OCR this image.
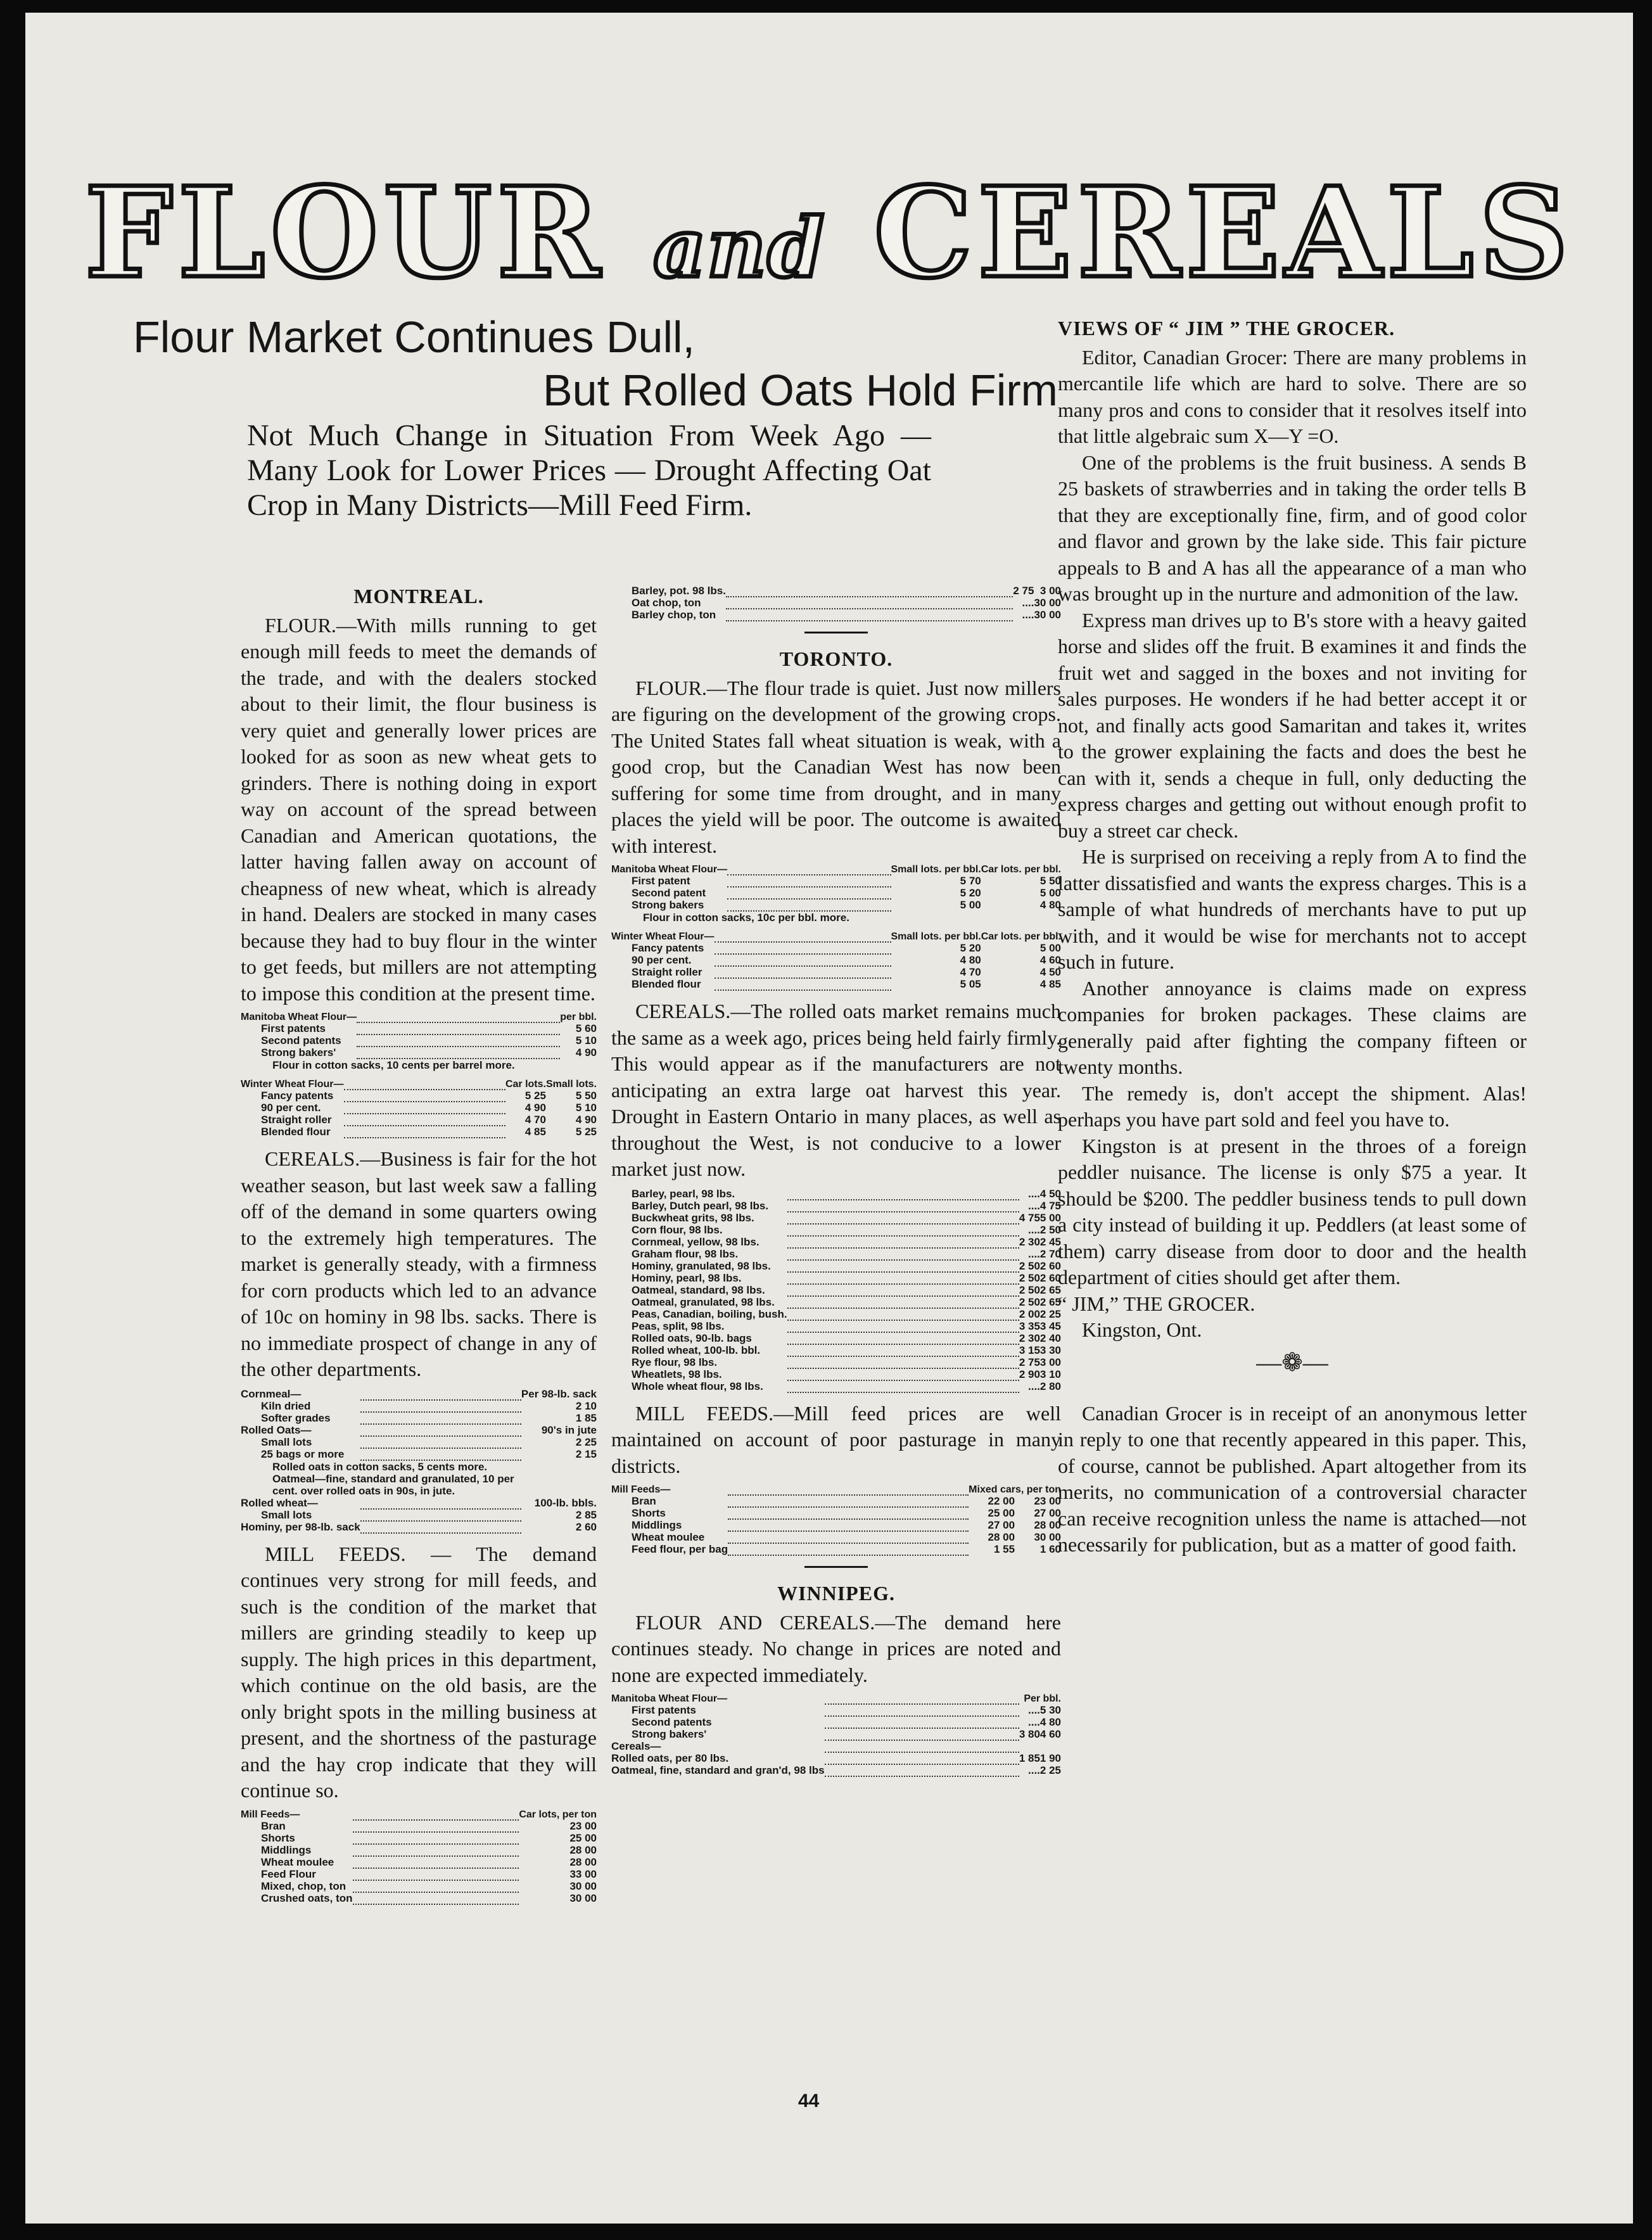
FLOUR and CEREALS
Flour Market Continues Dull,
But Rolled Oats Hold Firm
Not Much Change in Situation From Week Ago —Many Look for Lower Prices — Drought Affecting Oat Crop in Many Districts—Mill Feed Firm.
MONTREAL.

FLOUR.—With mills running to get enough mill feeds to meet the demands of the trade, and with the dealers stocked about to their limit, the flour business is very quiet and generally lower prices are looked for as soon as new wheat gets to grinders. There is nothing doing in export way on account of the spread between Canadian and American quotations, the latter having fallen away on account of cheapness of new wheat, which is already in hand. Dealers are stocked in many cases because they had to buy flour in the winter to get feeds, but millers are not attempting to impose this condition at the present time.

Manitoba Wheat Flour—		per bbl.
First patents		5 60
Second patents		5 10
Strong bakers'		4 90
Flour in cotton sacks, 10 cents per barrel more.		
Winter Wheat Flour—		Car lots.	Small lots.
Fancy patents		5 25	5 50
90 per cent.		4 90	5 10
Straight roller		4 70	4 90
Blended flour		4 85	5 25

CEREALS.—Business is fair for the hot weather season, but last week saw a falling off of the demand in some quarters owing to the extremely high temperatures. The market is generally steady, with a firmness for corn products which led to an advance of 10c on hominy in 98 lbs. sacks. There is no immediate prospect of change in any of the other departments.

Cornmeal—		Per 98-lb. sack
Kiln dried		2 10
Softer grades		1 85
Rolled Oats—		90's in jute
Small lots		2 25
25 bags or more		2 15
Rolled oats in cotton sacks, 5 cents more.		
Oatmeal—fine, standard and granulated, 10 per cent. over rolled oats in 90s, in jute.		
Rolled wheat—		100-lb. bbls.
Small lots		2 85
Hominy, per 98-lb. sack		2 60

MILL FEEDS. — The demand continues very strong for mill feeds, and such is the condition of the market that millers are grinding steadily to keep up supply. The high prices in this department, which continue on the old basis, are the only bright spots in the milling business at present, and the shortness of the pasturage and the hay crop indicate that they will continue so.

Mill Feeds—		Car lots, per ton
Bran		23 00
Shorts		25 00
Middlings		28 00
Wheat moulee		28 00
Feed Flour		33 00
Mixed, chop, ton		30 00
Crushed oats, ton		30 00
Barley, pot. 98 lbs.		2 75	3 00
Oat chop, ton		....	30 00
Barley chop, ton		....	30 00
TORONTO.

FLOUR.—The flour trade is quiet. Just now millers are figuring on the development of the growing crops. The United States fall wheat situation is weak, with a good crop, but the Canadian West has now been suffering for some time from drought, and in many places the yield will be poor. The outcome is awaited with interest.

Manitoba Wheat Flour—		Small lots. per bbl.	Car lots. per bbl.
First patent		5 70	5 50
Second patent		5 20	5 00
Strong bakers		5 00	4 80
Flour in cotton sacks, 10c per bbl. more.			
Winter Wheat Flour—		Small lots. per bbl.	Car lots. per bbl.
Fancy patents		5 20	5 00
90 per cent.		4 80	4 60
Straight roller		4 70	4 50
Blended flour		5 05	4 85

CEREALS.—The rolled oats market remains much the same as a week ago, prices being held fairly firmly. This would appear as if the manufacturers are not anticipating an extra large oat harvest this year. Drought in Eastern Ontario in many places, as well as throughout the West, is not conducive to a lower market just now.

Barley, pearl, 98 lbs.		....	4 50
Barley, Dutch pearl, 98 lbs.		....	4 75
Buckwheat grits, 98 lbs.		4 75	5 00
Corn flour, 98 lbs.		....	2 50
Cornmeal, yellow, 98 lbs.		2 30	2 45
Graham flour, 98 lbs.		....	2 70
Hominy, granulated, 98 lbs.		2 50	2 60
Hominy, pearl, 98 lbs.		2 50	2 60
Oatmeal, standard, 98 lbs.		2 50	2 65
Oatmeal, granulated, 98 lbs.		2 50	2 65
Peas, Canadian, boiling, bush.		2 00	2 25
Peas, split, 98 lbs.		3 35	3 45
Rolled oats, 90-lb. bags		2 30	2 40
Rolled wheat, 100-lb. bbl.		3 15	3 30
Rye flour, 98 lbs.		2 75	3 00
Wheatlets, 98 lbs.		2 90	3 10
Whole wheat flour, 98 lbs.		....	2 80

MILL FEEDS.—Mill feed prices are well maintained on account of poor pasturage in many districts.

Mill Feeds—		Mixed cars, per ton	
Bran		22 00	23 00
Shorts		25 00	27 00
Middlings		27 00	28 00
Wheat moulee		28 00	30 00
Feed flour, per bag		1 55	1 60
WINNIPEG.

FLOUR AND CEREALS.—The demand here continues steady. No change in prices are noted and none are expected immediately.

Manitoba Wheat Flour—		Per bbl.	
First patents		....	5 30
Second patents		....	4 80
Strong bakers'		3 80	4 60
Cereals—			
Rolled oats, per 80 lbs.		1 85	1 90
Oatmeal, fine, standard and gran'd, 98 lbs		....	2 25
VIEWS OF “ JIM ” THE GROCER.

Editor, Canadian Grocer: There are many problems in mercantile life which are hard to solve. There are so many pros and cons to consider that it resolves itself into that little algebraic sum X—Y =O.

One of the problems is the fruit business. A sends B 25 baskets of strawberries and in taking the order tells B that they are exceptionally fine, firm, and of good color and flavor and grown by the lake side. This fair picture appeals to B and A has all the appearance of a man who was brought up in the nurture and admonition of the law.

Express man drives up to B's store with a heavy gaited horse and slides off the fruit. B examines it and finds the fruit wet and sagged in the boxes and not inviting for sales purposes. He wonders if he had better accept it or not, and finally acts good Samaritan and takes it, writes to the grower explaining the facts and does the best he can with it, sends a cheque in full, only deducting the express charges and getting out without enough profit to buy a street car check.

He is surprised on receiving a reply from A to find the latter dissatisfied and wants the express charges. This is a sample of what hundreds of merchants have to put up with, and it would be wise for merchants not to accept such in future.

Another annoyance is claims made on express companies for broken packages. These claims are generally paid after fighting the company fifteen or twenty months.

The remedy is, don't accept the shipment. Alas! perhaps you have part sold and feel you have to.

Kingston is at present in the throes of a foreign peddler nuisance. The license is only $75 a year. It should be $200. The peddler business tends to pull down a city instead of building it up. Peddlers (at least some of them) carry disease from door to door and the health department of cities should get after them.

“ JIM,” THE GROCER.

Kingston, Ont.

—❁—

Canadian Grocer is in receipt of an anonymous letter in reply to one that recently appeared in this paper. This, of course, cannot be published. Apart altogether from its merits, no communication of a controversial character can receive recognition unless the name is attached—not necessarily for publication, but as a matter of good faith.

44
